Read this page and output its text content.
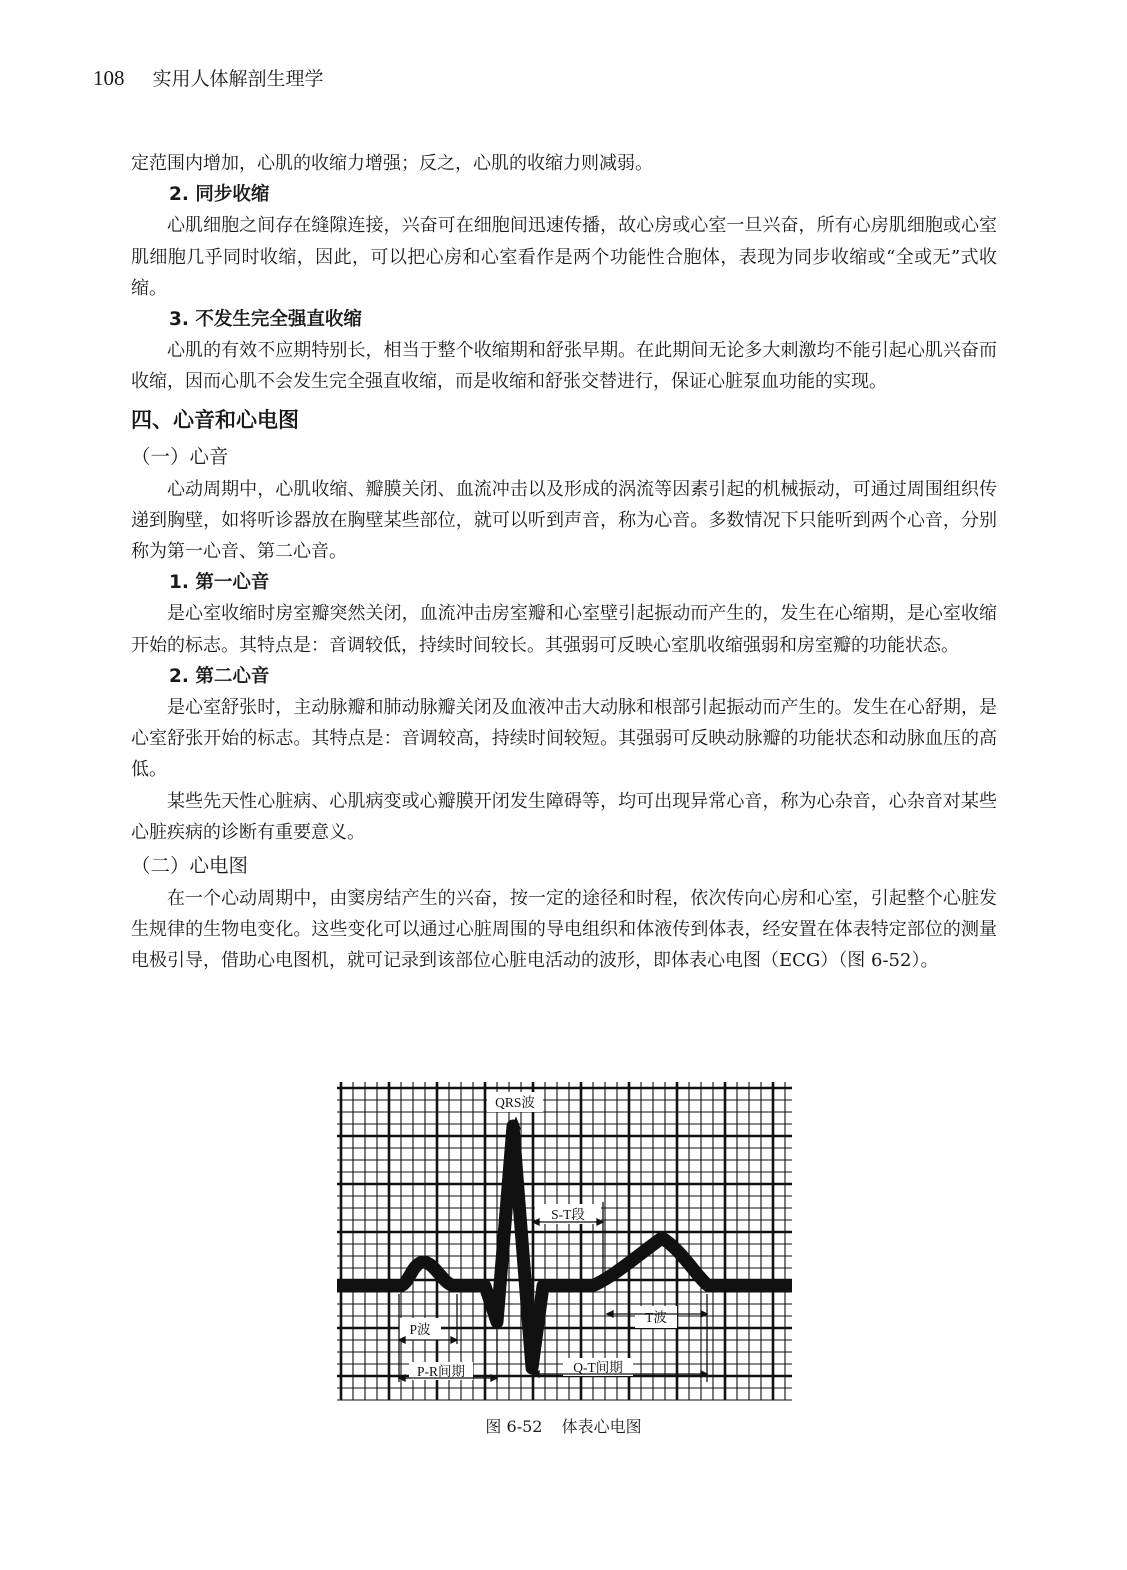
108 实用人体解剖生理学

定范围内增加，心肌的收缩力增强；反之，心肌的收缩力则减弱。

2. 同步收缩

心肌细胞之间存在缝隙连接，兴奋可在细胞间迅速传播，故心房或心室一旦兴奋，所有心房肌细胞或心室肌细胞几乎同时收缩，因此，可以把心房和心室看作是两个功能性合胞体，表现为同步收缩或“全或无”式收缩。

3. 不发生完全强直收缩

心肌的有效不应期特别长，相当于整个收缩期和舒张早期。在此期间无论多大刺激均不能引起心肌兴奋而收缩，因而心肌不会发生完全强直收缩，而是收缩和舒张交替进行，保证心脏泵血功能的实现。

四、心音和心电图

（一）心音

心动周期中，心肌收缩、瓣膜关闭、血流冲击以及形成的涡流等因素引起的机械振动，可通过周围组织传递到胸壁，如将听诊器放在胸壁某些部位，就可以听到声音，称为心音。多数情况下只能听到两个心音，分别称为第一心音、第二心音。

1. 第一心音

是心室收缩时房室瓣突然关闭，血流冲击房室瓣和心室壁引起振动而产生的，发生在心缩期，是心室收缩开始的标志。其特点是：音调较低，持续时间较长。其强弱可反映心室肌收缩强弱和房室瓣的功能状态。

2. 第二心音

是心室舒张时，主动脉瓣和肺动脉瓣关闭及血液冲击大动脉和根部引起振动而产生的。发生在心舒期，是心室舒张开始的标志。其特点是：音调较高，持续时间较短。其强弱可反映动脉瓣的功能状态和动脉血压的高低。

某些先天性心脏病、心肌病变或心瓣膜开闭发生障碍等，均可出现异常心音，称为心杂音，心杂音对某些心脏疾病的诊断有重要意义。

（二）心电图

在一个心动周期中，由窦房结产生的兴奋，按一定的途径和时程，依次传向心房和心室，引起整个心脏发生规律的生物电变化。这些变化可以通过心脏周围的导电组织和体液传到体表，经安置在体表特定部位的测量电极引导，借助心电图机，就可记录到该部位心脏电活动的波形，即体表心电图（ECG）（图 6-52）。

QRS波
S-T段
P波
T波
P-R间期	Q-T间期
图 6-52 体表心电图
